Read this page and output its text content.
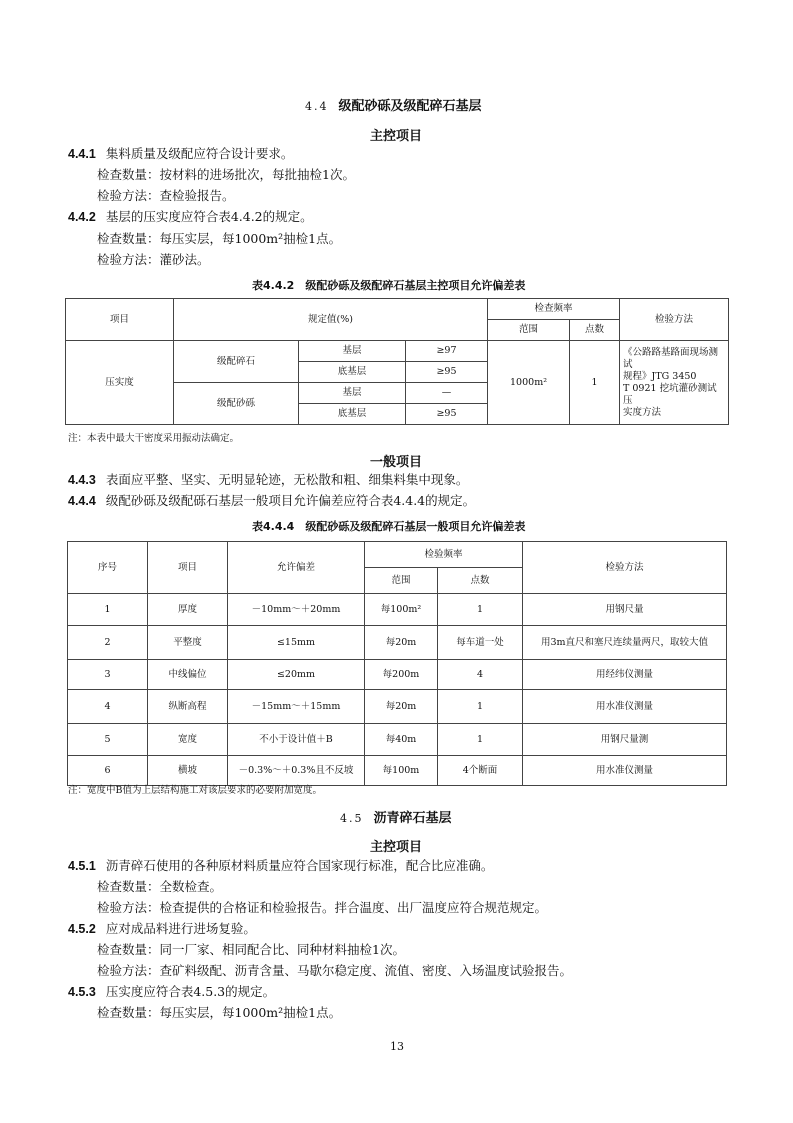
4.4 级配砂砾及级配碎石基层
主控项目
4.4.1 集料质量及级配应符合设计要求。
检查数量：按材料的进场批次，每批抽检1次。
检验方法：查检验报告。
4.4.2 基层的压实度应符合表4.4.2的规定。
检查数量：每压实层，每1000m²抽检1点。
检验方法：灌砂法。
表4.4.2　级配砂砾及级配碎石基层主控项目允许偏差表
项目	规定值(%)			检查频率		检验方法
				范围	点数	
压实度	级配碎石	基层	≥97	1000m²	1	《公路路基路面现场测试
规程》JTG 3450
T 0921 挖坑灌砂测试压
实度方法

		底基层	≥95			
	级配砂砾	基层	—			
		底基层	≥95			
注：本表中最大干密度采用振动法确定。
一般项目
4.4.3 表面应平整、坚实、无明显轮迹，无松散和粗、细集料集中现象。
4.4.4 级配砂砾及级配砾石基层一般项目允许偏差应符合表4.4.4的规定。
表4.4.4　级配砂砾及级配碎石基层一般项目允许偏差表
序号	项目	允许偏差	检验频率		检验方法
			范围	点数	
1	厚度	－10mm～＋20mm	每100m²	1	用钢尺量
2	平整度	≤15mm	每20m	每车道一处	用3m直尺和塞尺连续量两尺，取较大值
3	中线偏位	≤20mm	每200m	4	用经纬仪测量
4	纵断高程	－15mm～＋15mm	每20m	1	用水准仪测量
5	宽度	不小于设计值＋B	每40m	1	用钢尺量测
6	横坡	－0.3%～＋0.3%且不反坡	每100m	4个断面	用水准仪测量
注：宽度中B值为上层结构施工对该层要求的必要附加宽度。
4.5 沥青碎石基层
主控项目
4.5.1 沥青碎石使用的各种原材料质量应符合国家现行标准，配合比应准确。
检查数量：全数检查。
检验方法：检查提供的合格证和检验报告。拌合温度、出厂温度应符合规范规定。
4.5.2 应对成品料进行进场复验。
检查数量：同一厂家、相同配合比、同种材料抽检1次。
检验方法：查矿料级配、沥青含量、马歇尔稳定度、流值、密度、入场温度试验报告。
4.5.3 压实度应符合表4.5.3的规定。
检查数量：每压实层，每1000m²抽检1点。
13
